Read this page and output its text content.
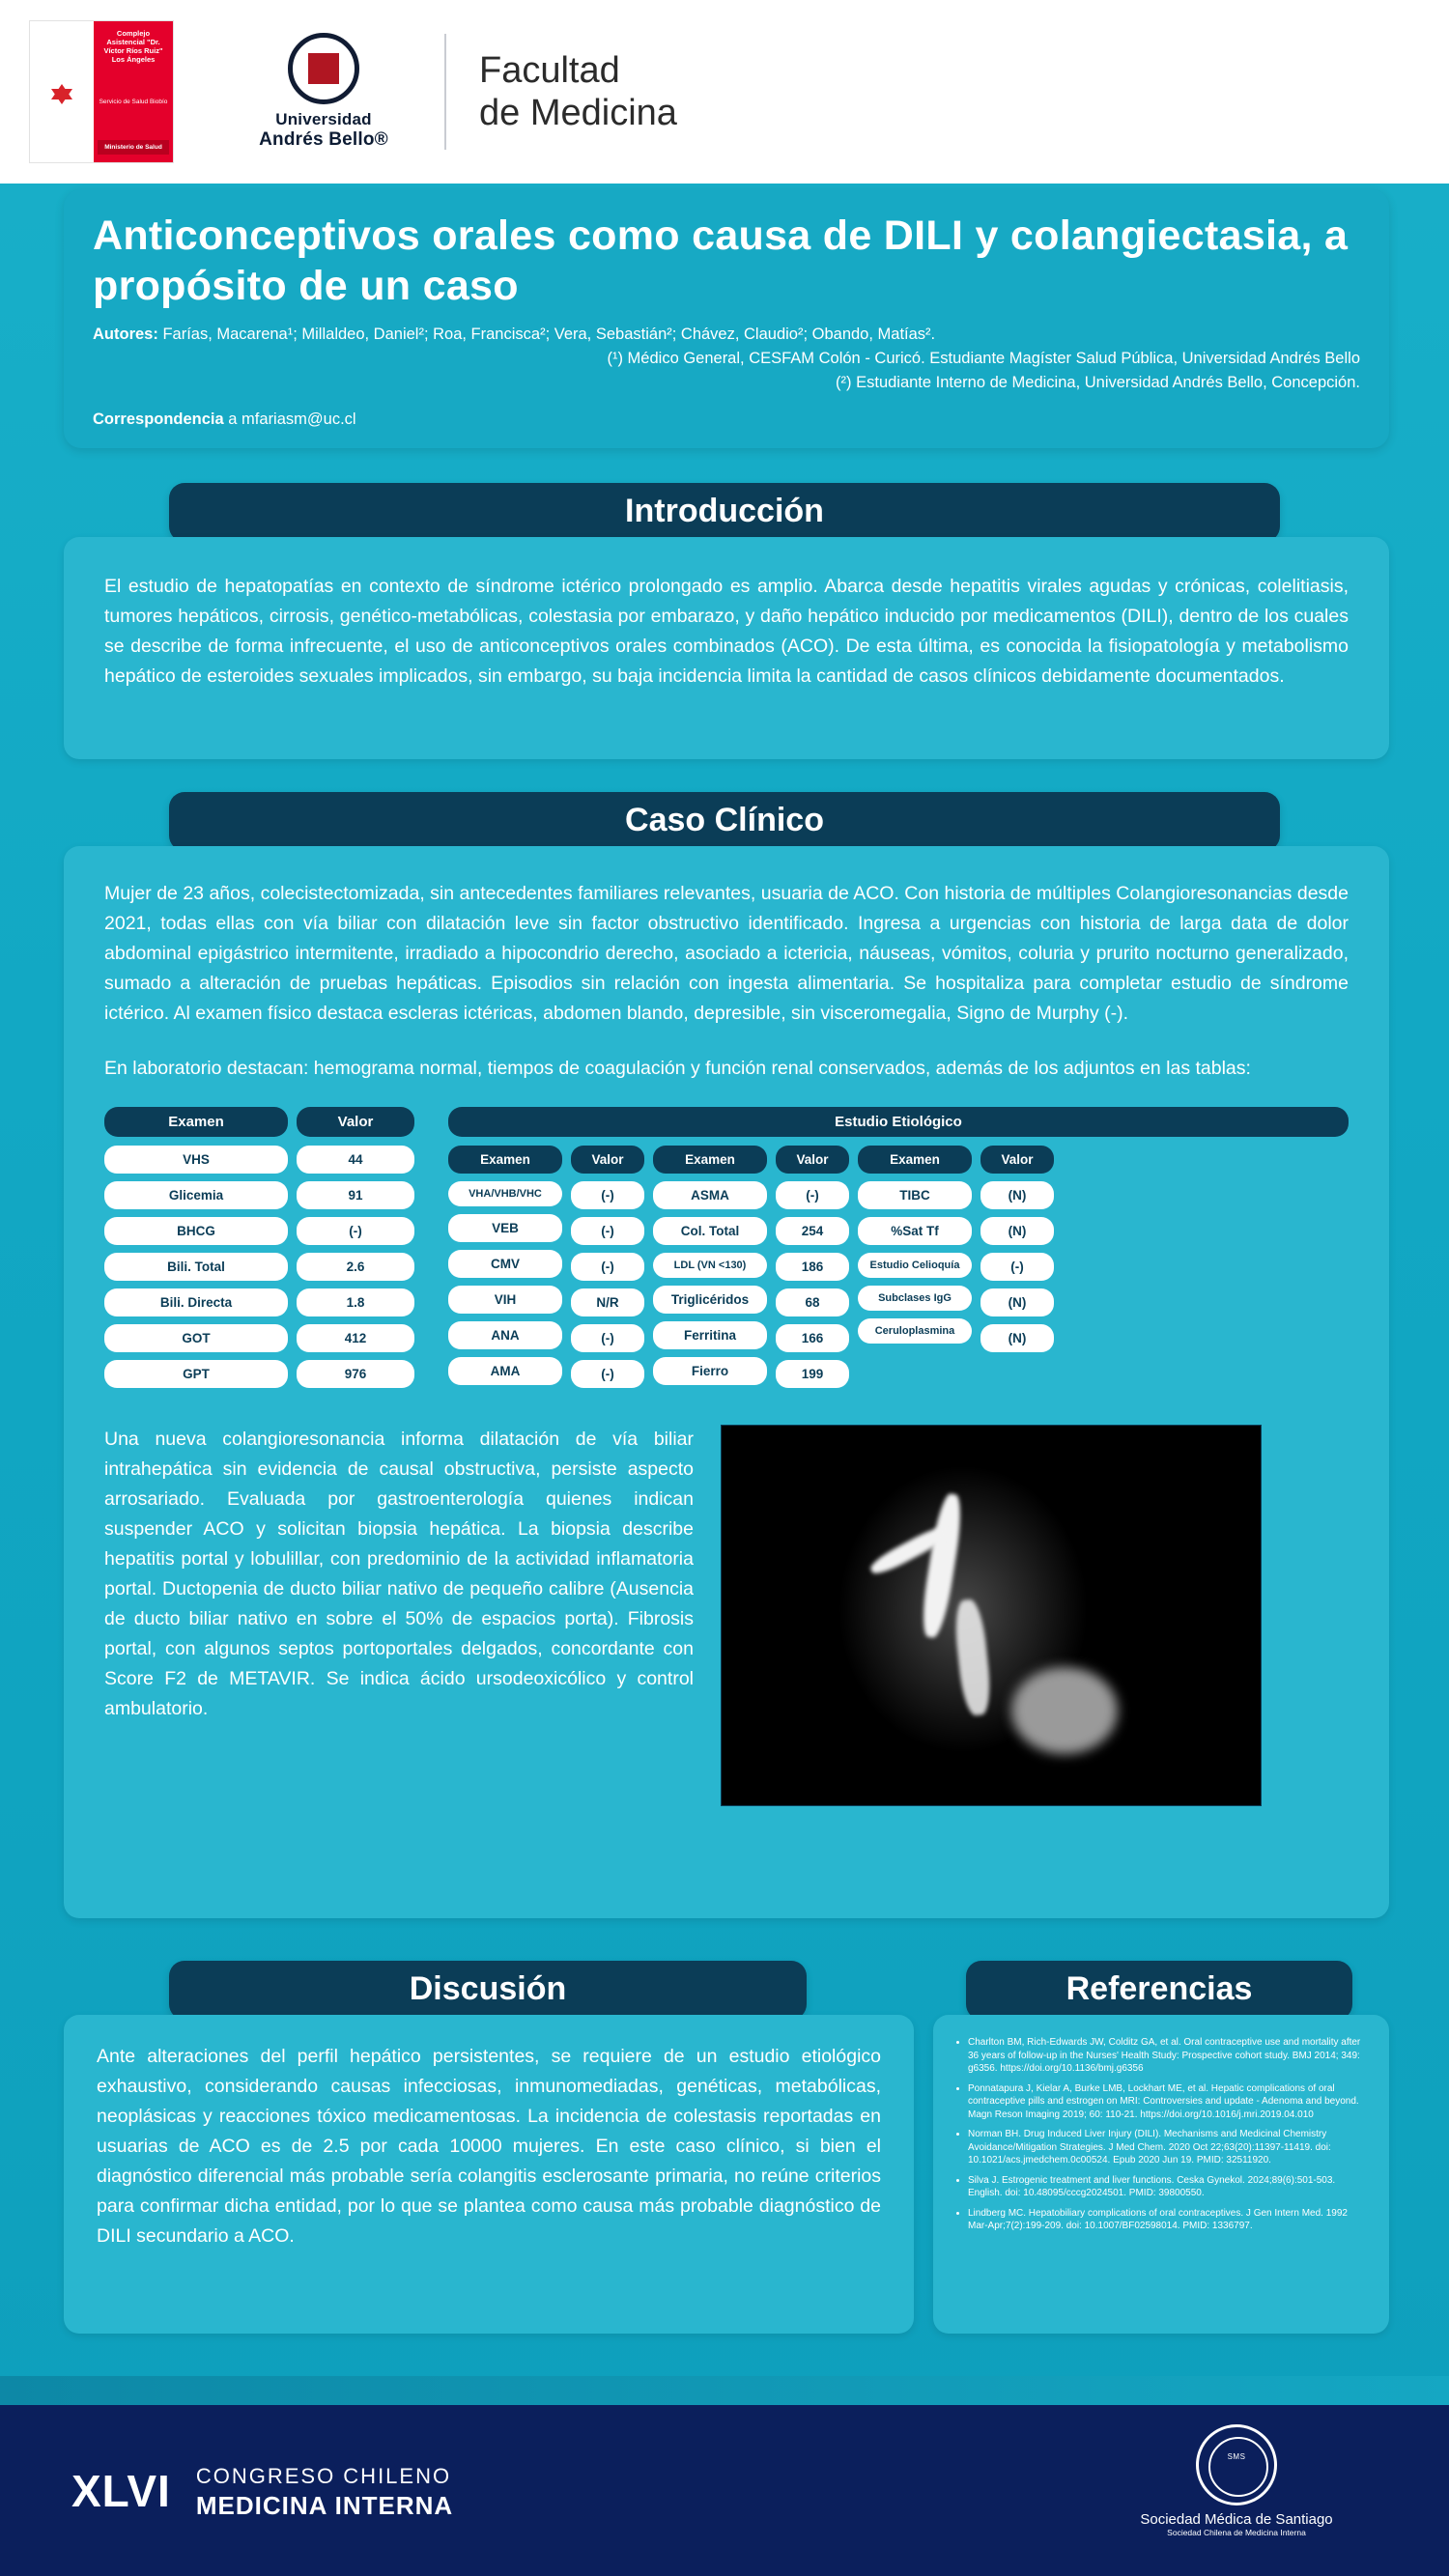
Complejo Asistencial "Dr. Víctor Ríos Ruiz" Los Ángeles
Servicio de Salud Biobío
Ministerio de Salud
Universidad
Andrés Bello®
Facultad
de Medicina
Anticonceptivos orales como causa de DILI y colangiectasia, a propósito de un caso
Autores: Farías, Macarena¹; Millaldeo, Daniel²; Roa, Francisca²; Vera, Sebastián²; Chávez, Claudio²; Obando, Matías².
(¹) Médico General, CESFAM Colón - Curicó. Estudiante Magíster Salud Pública, Universidad Andrés Bello
(²) Estudiante Interno de Medicina, Universidad Andrés Bello, Concepción.
Correspondencia a mfariasm@uc.cl
Introducción
El estudio de hepatopatías en contexto de síndrome ictérico prolongado es amplio. Abarca desde hepatitis virales agudas y crónicas, colelitiasis, tumores hepáticos, cirrosis, genético-metabólicas, colestasia por embarazo, y daño hepático inducido por medicamentos (DILI), dentro de los cuales se describe de forma infrecuente, el uso de anticonceptivos orales combinados (ACO). De esta última, es conocida la fisiopatología y metabolismo hepático de esteroides sexuales implicados, sin embargo, su baja incidencia limita la cantidad de casos clínicos debidamente documentados.
Caso Clínico
Mujer de 23 años, colecistectomizada, sin antecedentes familiares relevantes, usuaria de ACO. Con historia de múltiples Colangioresonancias desde 2021, todas ellas con vía biliar con dilatación leve sin factor obstructivo identificado. Ingresa a urgencias con historia de larga data de dolor abdominal epigástrico intermitente, irradiado a hipocondrio derecho, asociado a ictericia, náuseas, vómitos, coluria y prurito nocturno generalizado, sumado a alteración de pruebas hepáticas. Episodios sin relación con ingesta alimentaria. Se hospitaliza para completar estudio de síndrome ictérico. Al examen físico destaca escleras ictéricas, abdomen blando, depresible, sin visceromegalia, Signo de Murphy (-).
En laboratorio destacan: hemograma normal, tiempos de coagulación y función renal conservados, además de los adjuntos en las tablas:
Examen
VHS
Glicemia
BHCG
Bili. Total
Bili. Directa
GOT
GPT
Valor
44
91
(-)
2.6
1.8
412
976
Estudio Etiológico
Examen
VHA/VHB/VHC
VEB
CMV
VIH
ANA
AMA
Valor
(-)
(-)
(-)
N/R
(-)
(-)
Examen
ASMA
Col. Total
LDL (VN <130)
Triglicéridos
Ferritina
Fierro
Valor
(-)
254
186
68
166
199
Examen
TIBC
%Sat Tf
Estudio Celioquía
Subclases IgG
Ceruloplasmina
Valor
(N)
(N)
(-)
(N)
(N)
Una nueva colangioresonancia informa dilatación de vía biliar intrahepática sin evidencia de causal obstructiva, persiste aspecto arrosariado. Evaluada por gastroenterología quienes indican suspender ACO y solicitan biopsia hepática. La biopsia describe hepatitis portal y lobulillar, con predominio de la actividad inflamatoria portal. Ductopenia de ducto biliar nativo de pequeño calibre (Ausencia de ducto biliar nativo en sobre el 50% de espacios porta). Fibrosis portal, con algunos septos portoportales delgados, concordante con Score F2 de METAVIR. Se indica ácido ursodeoxicólico y control ambulatorio.
Discusión
Ante alteraciones del perfil hepático persistentes, se requiere de un estudio etiológico exhaustivo, considerando causas infecciosas, inmunomediadas, genéticas, metabólicas, neoplásicas y reacciones tóxico medicamentosas. La incidencia de colestasis reportadas en usuarias de ACO es de 2.5 por cada 10000 mujeres. En este caso clínico, si bien el diagnóstico diferencial más probable sería colangitis esclerosante primaria, no reúne criterios para confirmar dicha entidad, por lo que se plantea como causa más probable diagnóstico de DILI secundario a ACO.
Referencias
• Charlton BM, Rich-Edwards JW, Colditz GA, et al. Oral contraceptive use and mortality after 36 years of follow-up in the Nurses' Health Study: Prospective cohort study. BMJ 2014; 349: g6356. https://doi.org/10.1136/bmj.g6356
• Ponnatapura J, Kielar A, Burke LMB, Lockhart ME, et al. Hepatic complications of oral contraceptive pills and estrogen on MRI: Controversies and update - Adenoma and beyond. Magn Reson Imaging 2019; 60: 110-21. https://doi.org/10.1016/j.mri.2019.04.010
• Norman BH. Drug Induced Liver Injury (DILI). Mechanisms and Medicinal Chemistry Avoidance/Mitigation Strategies. J Med Chem. 2020 Oct 22;63(20):11397-11419. doi: 10.1021/acs.jmedchem.0c00524. Epub 2020 Jun 19. PMID: 32511920.
• Silva J. Estrogenic treatment and liver functions. Ceska Gynekol. 2024;89(6):501-503. English. doi: 10.48095/cccg2024501. PMID: 39800550.
• Lindberg MC. Hepatobiliary complications of oral contraceptives. J Gen Intern Med. 1992 Mar-Apr;7(2):199-209. doi: 10.1007/BF02598014. PMID: 1336797.
XLVI CONGRESO CHILENO
MEDICINA INTERNA
SMS
Sociedad Médica de Santiago
Sociedad Chilena de Medicina Interna
